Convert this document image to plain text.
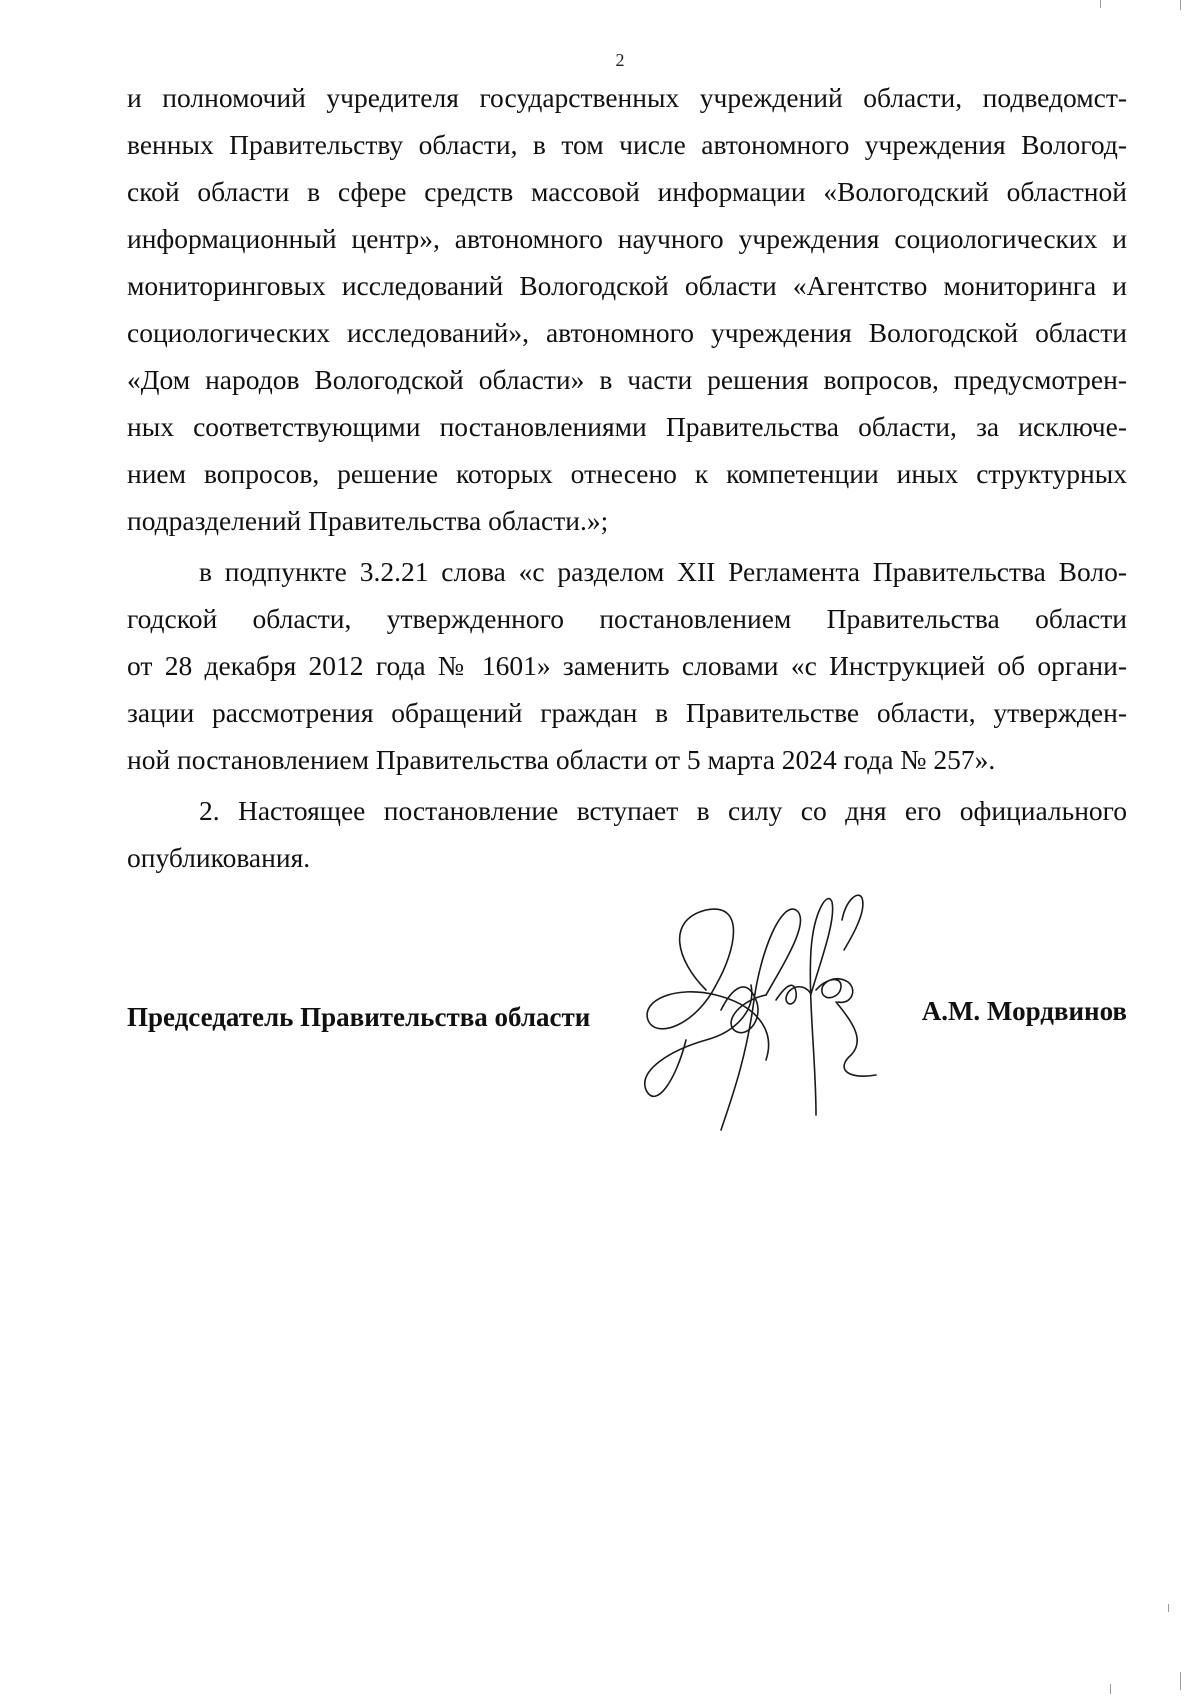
2
и полномочий учредителя государственных учреждений области, подведомст-
венных Правительству области, в том числе автономного учреждения Вологод-
ской области в сфере средств массовой информации «Вологодский областной
информационный центр», автономного научного учреждения социологических и
мониторинговых исследований Вологодской области «Агентство мониторинга и
социологических исследований», автономного учреждения Вологодской области
«Дом народов Вологодской области» в части решения вопросов, предусмотрен-
ных соответствующими постановлениями Правительства области, за исключе-
нием вопросов, решение которых отнесено к компетенции иных структурных
подразделений Правительства области.»;
в подпункте 3.2.21 слова «с разделом XII Регламента Правительства Воло-
годской области, утвержденного постановлением Правительства области
от 28 декабря 2012 года № 1601» заменить словами «с Инструкцией об органи-
зации рассмотрения обращений граждан в Правительстве области, утвержден-
ной постановлением Правительства области от 5 марта 2024 года № 257».
2. Настоящее постановление вступает в силу со дня его официального
опубликования.
Председатель Правительства области	А.М. Мордвинов
